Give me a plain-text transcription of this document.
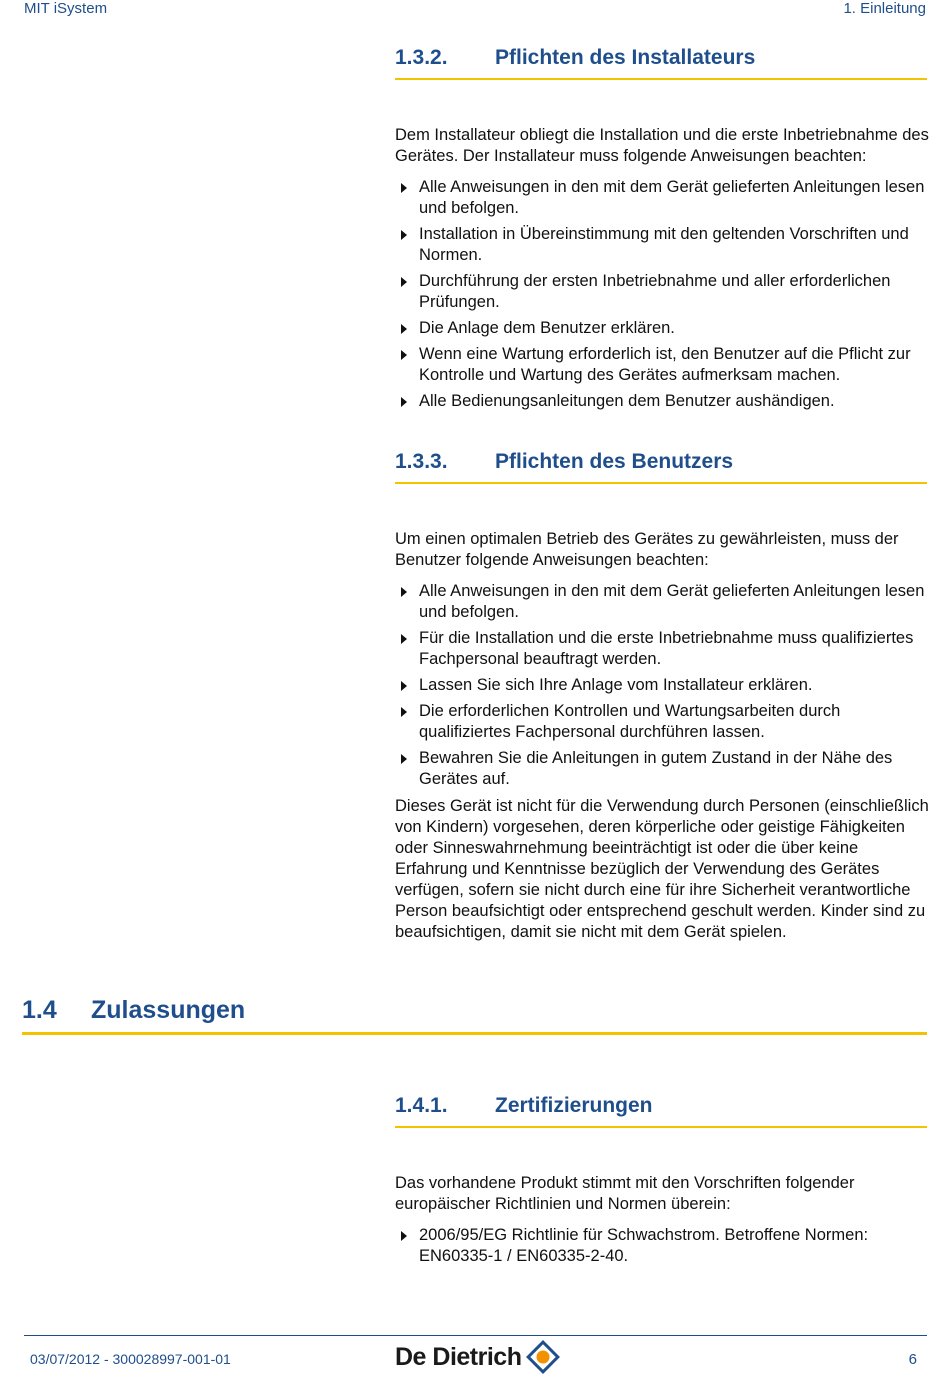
MIT iSystem	1. Einleitung
1.3.2. Pflichten des Installateurs

Dem Installateur obliegt die Installation und die erste Inbetriebnahme des Gerätes. Der Installateur muss folgende Anweisungen beachten:

Alle Anweisungen in den mit dem Gerät gelieferten Anleitungen lesen und befolgen.
Installation in Übereinstimmung mit den geltenden Vorschriften und Normen.
Durchführung der ersten Inbetriebnahme und aller erforderlichen Prüfungen.
Die Anlage dem Benutzer erklären.
Wenn eine Wartung erforderlich ist, den Benutzer auf die Pflicht zur Kontrolle und Wartung des Gerätes aufmerksam machen.
Alle Bedienungsanleitungen dem Benutzer aushändigen.
1.3.3. Pflichten des Benutzers

Um einen optimalen Betrieb des Gerätes zu gewährleisten, muss der Benutzer folgende Anweisungen beachten:

Alle Anweisungen in den mit dem Gerät gelieferten Anleitungen lesen und befolgen.
Für die Installation und die erste Inbetriebnahme muss qualifiziertes Fachpersonal beauftragt werden.
Lassen Sie sich Ihre Anlage vom Installateur erklären.
Die erforderlichen Kontrollen und Wartungsarbeiten durch qualifiziertes Fachpersonal durchführen lassen.
Bewahren Sie die Anleitungen in gutem Zustand in der Nähe des Gerätes auf.

Dieses Gerät ist nicht für die Verwendung durch Personen (einschließlich von Kindern) vorgesehen, deren körperliche oder geistige Fähigkeiten oder Sinneswahrnehmung beeinträchtigt ist oder die über keine Erfahrung und Kenntnisse bezüglich der Verwendung des Gerätes verfügen, sofern sie nicht durch eine für ihre Sicherheit verantwortliche Person beaufsichtigt oder entsprechend geschult werden. Kinder sind zu beaufsichtigen, damit sie nicht mit dem Gerät spielen.

1.4 Zulassungen
1.4.1. Zertifizierungen

Das vorhandene Produkt stimmt mit den Vorschriften folgender europäischer Richtlinien und Normen überein:

2006/95/EG Richtlinie für Schwachstrom. Betroffene Normen: EN60335-1 / EN60335-2-40.
03/07/2012 - 300028997-001-01	De Dietrich	6
